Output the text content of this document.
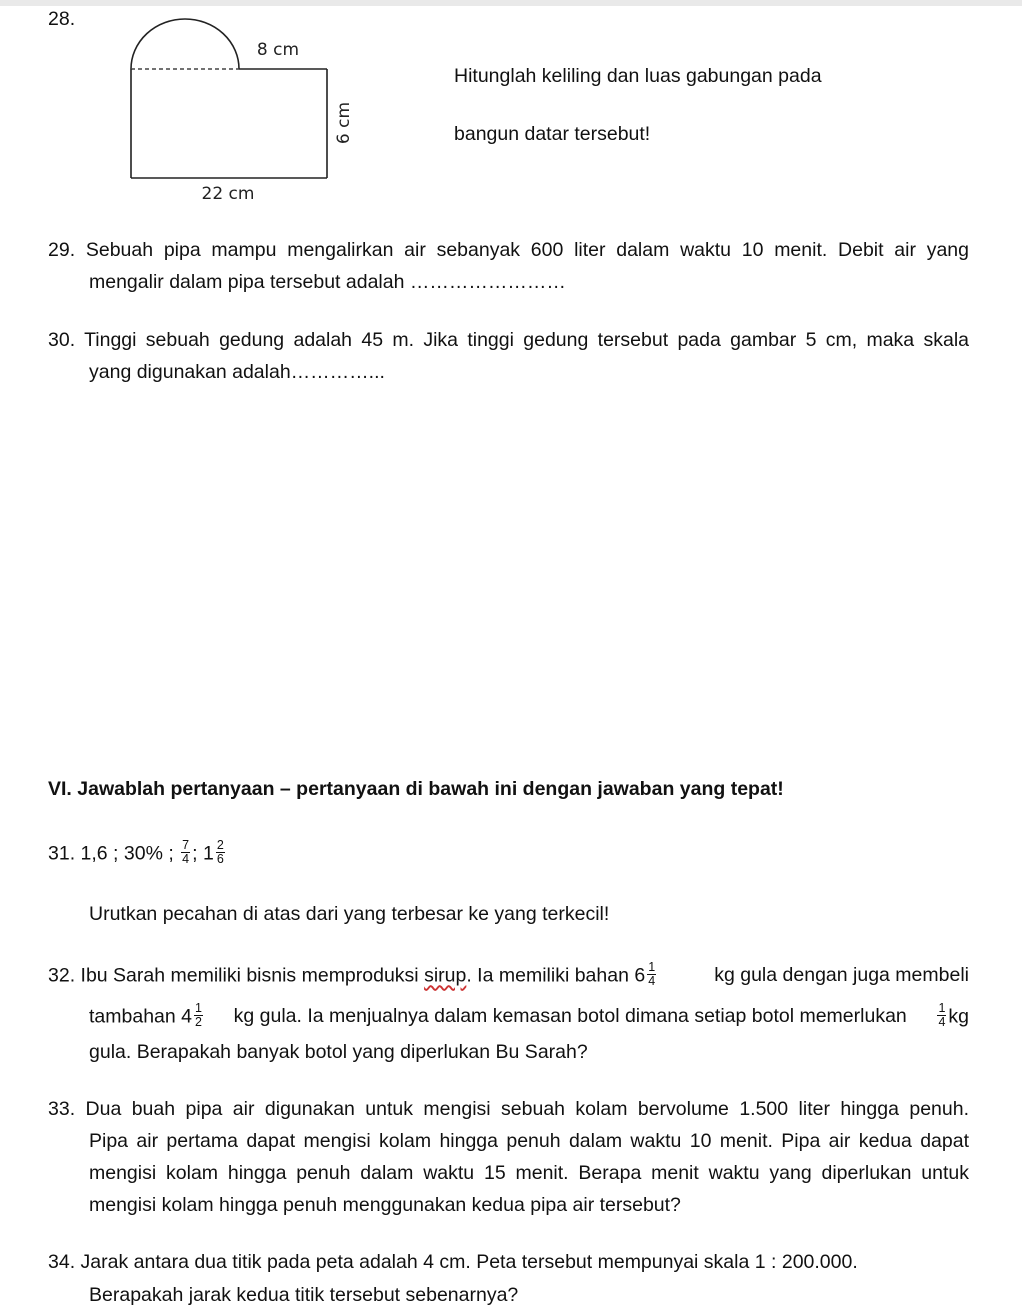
28.
8 cm
6 cm
22 cm
Hitunglah keliling dan luas gabungan pada
bangun datar tersebut!
29. Sebuah pipa mampu mengalirkan air sebanyak 600 liter dalam waktu 10 menit. Debit air yang
mengalir dalam pipa tersebut adalah ……………………
30. Tinggi sebuah gedung adalah 45 m. Jika tinggi gedung tersebut pada gambar 5 cm, maka skala
yang digunakan adalah…………...
VI. Jawablah pertanyaan – pertanyaan di bawah ini dengan jawaban yang tepat!
31. 1,6 ; 30% ; $\frac{7}{4}$ ; $1 \frac{2}{6}$
Urutkan pecahan di atas dari yang terbesar ke yang terkecil!
32. Ibu Sarah memiliki bisnis memproduksi sirup. Ia memiliki bahan $6 \frac{1}{4}$	kg gula dengan juga membeli
tambahan $4 \frac{1}{2}$ kg gula. Ia menjualnya dalam kemasan botol dimana setiap botol memerlukan $\frac{1}{4}$ kg
gula. Berapakah banyak botol yang diperlukan Bu Sarah?
33. Dua buah pipa air digunakan untuk mengisi sebuah kolam bervolume 1.500 liter hingga penuh.
Pipa air pertama dapat mengisi kolam hingga penuh dalam waktu 10 menit. Pipa air kedua dapat
mengisi kolam hingga penuh dalam waktu 15 menit. Berapa menit waktu yang diperlukan untuk
mengisi kolam hingga penuh menggunakan kedua pipa air tersebut?
34. Jarak antara dua titik pada peta adalah 4 cm. Peta tersebut mempunyai skala 1 : 200.000.
Berapakah jarak kedua titik tersebut sebenarnya?
